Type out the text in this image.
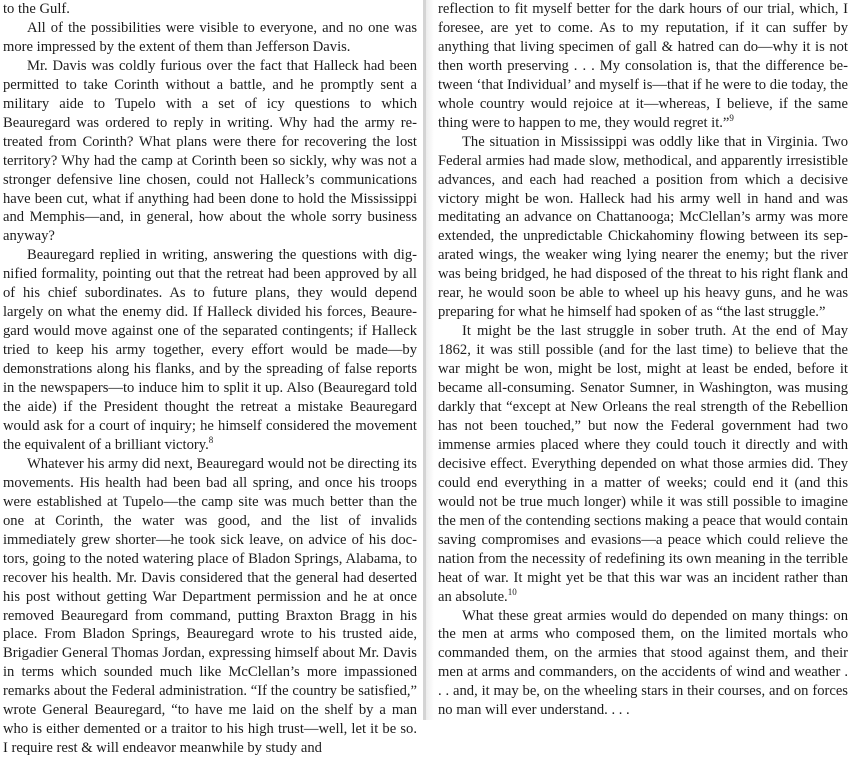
to the Gulf.

All of the possibilities were visible to everyone, and no one was more impressed by the extent of them than Jefferson Davis.

Mr. Davis was coldly furious over the fact that Halleck had been permitted to take Corinth without a battle, and he promptly sent a military aide to Tupelo with a set of icy questions to which Beauregard was ordered to reply in writing. Why had the army retreated from Corinth? What plans were there for recovering the lost territory? Why had the camp at Corinth been so sickly, why was not a stronger defensive line chosen, could not Halleck’s communications have been cut, what if anything had been done to hold the Mississippi and Memphis—and, in general, how about the whole sorry business anyway?

Beauregard replied in writing, answering the questions with dignified formality, pointing out that the retreat had been approved by all of his chief subordinates. As to future plans, they would depend largely on what the enemy did. If Halleck divided his forces, Beauregard would move against one of the separated contingents; if Halleck tried to keep his army together, every effort would be made—by demonstrations along his flanks, and by the spreading of false reports in the newspapers—to induce him to split it up. Also (Beauregard told the aide) if the President thought the retreat a mistake Beauregard would ask for a court of inquiry; he himself considered the movement the equivalent of a brilliant victory.$^8$

Whatever his army did next, Beauregard would not be directing its movements. His health had been bad all spring, and once his troops were established at Tupelo—the camp site was much better than the one at Corinth, the water was good, and the list of invalids immediately grew shorter—he took sick leave, on advice of his doctors, going to the noted watering place of Bladon Springs, Alabama, to recover his health. Mr. Davis considered that the general had deserted his post without getting War Department permission and he at once removed Beauregard from command, putting Braxton Bragg in his place. From Bladon Springs, Beauregard wrote to his trusted aide, Brigadier General Thomas Jordan, expressing himself about Mr. Davis in terms which sounded much like McClellan’s more impassioned remarks about the Federal administration. “If the country be satisfied,” wrote General Beauregard, “to have me laid on the shelf by a man who is either demented or a traitor to his high trust—well, let it be so. I require rest & will endeavor meanwhile by study and

reflection to fit myself better for the dark hours of our trial, which, I foresee, are yet to come. As to my reputation, if it can suffer by anything that living specimen of gall & hatred can do—why it is not then worth preserving . . . My consolation is, that the difference between ‘that Individual’ and myself is—that if he were to die today, the whole country would rejoice at it—whereas, I believe, if the same thing were to happen to me, they would regret it.”$^9$

The situation in Mississippi was oddly like that in Virginia. Two Federal armies had made slow, methodical, and apparently irresistible advances, and each had reached a position from which a decisive victory might be won. Halleck had his army well in hand and was meditating an advance on Chattanooga; McClellan’s army was more extended, the unpredictable Chickahominy flowing between its separated wings, the weaker wing lying nearer the enemy; but the river was being bridged, he had disposed of the threat to his right flank and rear, he would soon be able to wheel up his heavy guns, and he was preparing for what he himself had spoken of as “the last struggle.”

It might be the last struggle in sober truth. At the end of May 1862, it was still possible (and for the last time) to believe that the war might be won, might be lost, might at least be ended, before it became all-consuming. Senator Sumner, in Washington, was musing darkly that “except at New Orleans the real strength of the Rebellion has not been touched,” but now the Federal government had two immense armies placed where they could touch it directly and with decisive effect. Everything depended on what those armies did. They could end everything in a matter of weeks; could end it (and this would not be true much longer) while it was still possible to imagine the men of the contending sections making a peace that would contain saving compromises and evasions—a peace which could relieve the nation from the necessity of redefining its own meaning in the terrible heat of war. It might yet be that this war was an incident rather than an absolute.$^{10}$

What these great armies would do depended on many things: on the men at arms who composed them, on the limited mortals who commanded them, on the armies that stood against them, and their men at arms and commanders, on the accidents of wind and weather . . . and, it may be, on the wheeling stars in their courses, and on forces no man will ever understand. . . .
